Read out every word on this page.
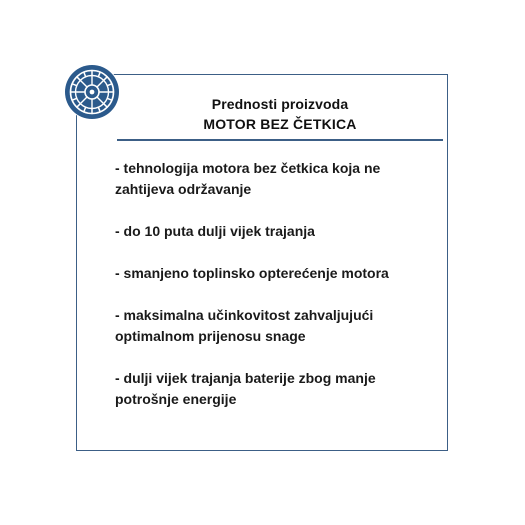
Prednosti proizvoda
MOTOR BEZ ČETKICA
- tehnologija motora bez četkica koja ne zahtijeva održavanje
- do 10 puta dulji vijek trajanja
- smanjeno toplinsko opterećenje motora
- maksimalna učinkovitost zahvaljujući optimalnom prijenosu snage
- dulji vijek trajanja baterije zbog manje potrošnje energije
